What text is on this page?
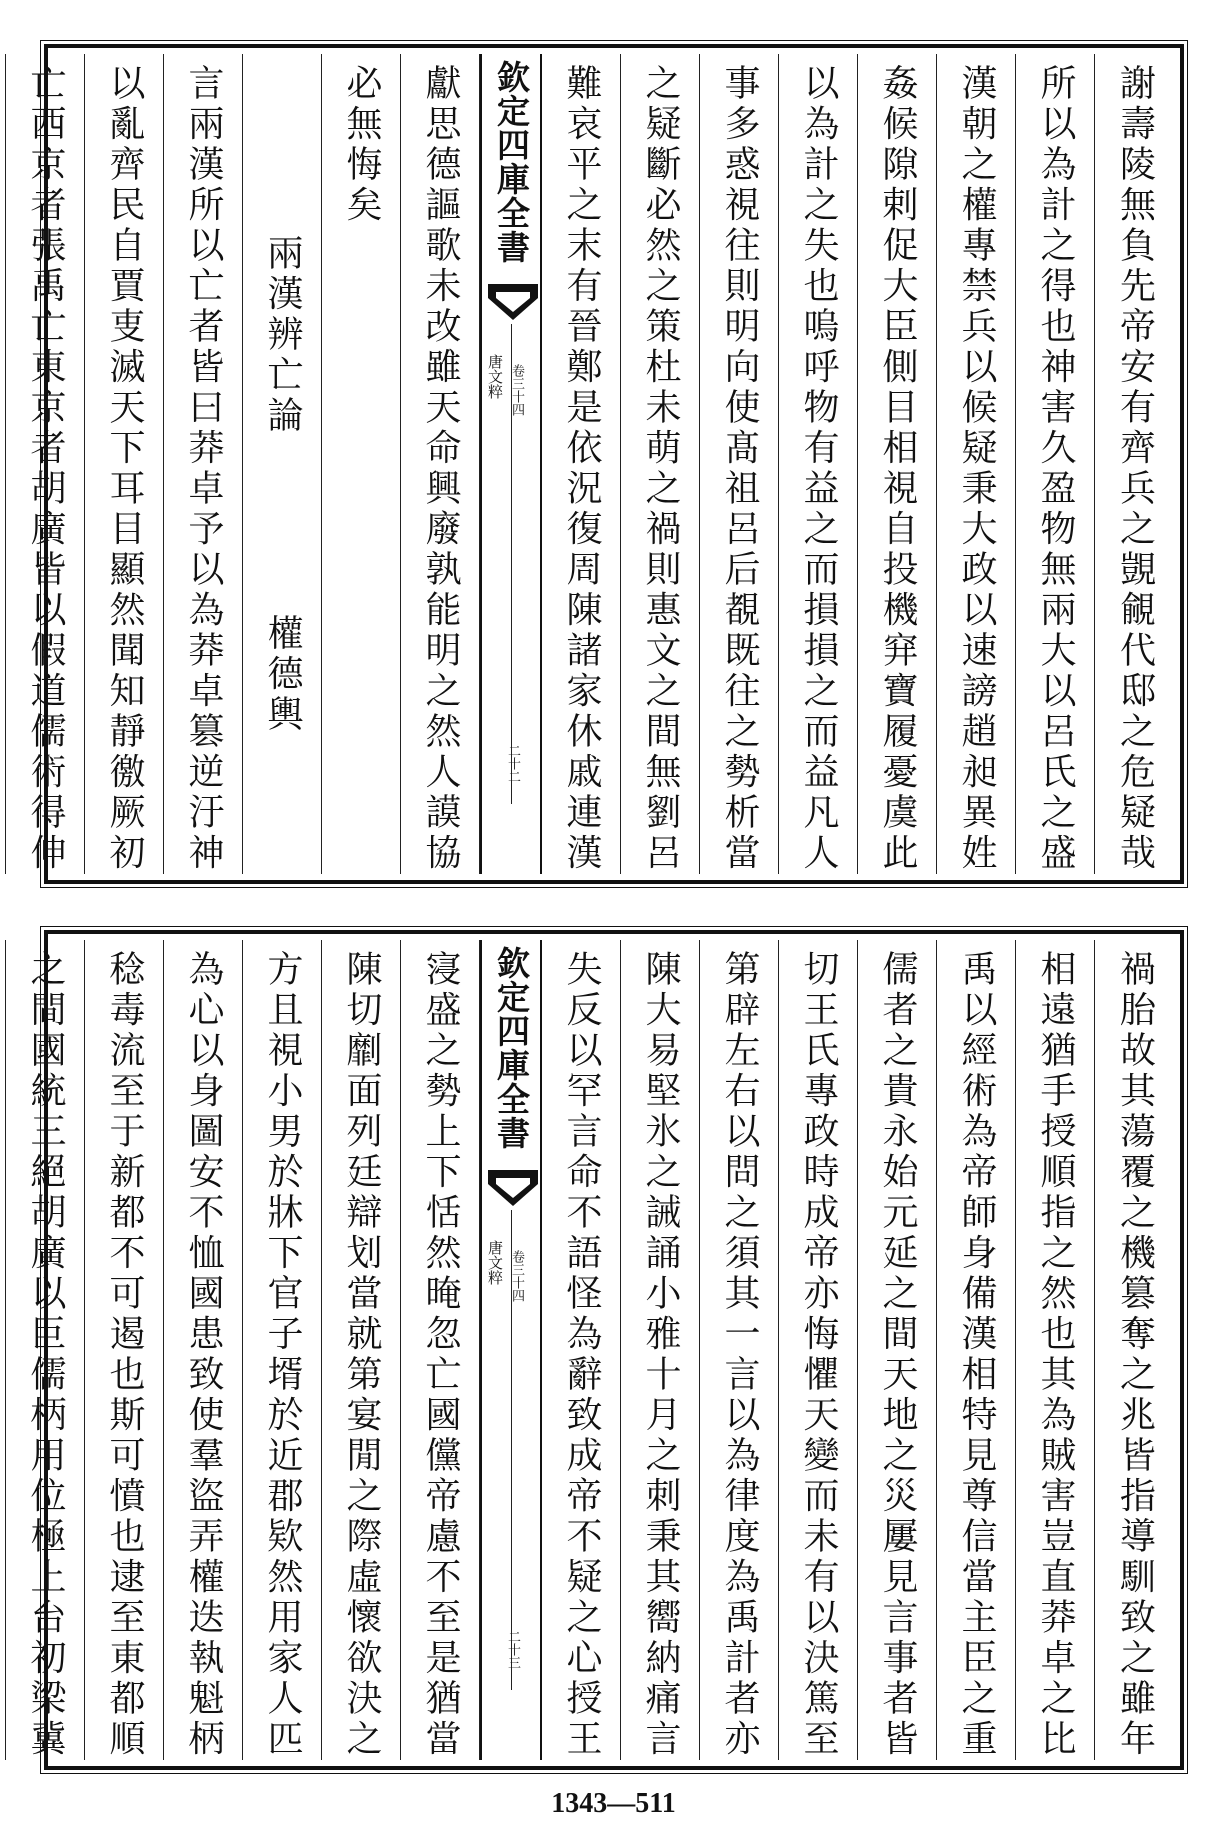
謝壽陵無負先帝安有齊兵之覬覦代邸之危疑哉
所以為計之得也神害久盈物無兩大以呂氏之盛
漢朝之權專禁兵以候疑秉大政以速謗趙昶異姓
姦候隙剌促大臣側目相視自投機穽寶履憂虞此
以為計之失也嗚呼物有益之而損損之而益凡人
事多惑視往則明向使髙祖呂后覩既往之勢析當
之疑斷必然之策杜未萌之禍則惠文之間無劉呂
難哀平之末有晉鄭是依況復周陳諸家休戚連漢
欽定四庫全書
唐文粹 卷三十四
二十二
獻思德謳歌未改雖天命興廢孰能明之然人謨協
必無悔矣
兩漢辨亡論
權德輿
言兩漢所以亡者皆曰莽卓予以為莽卓篡逆汙神
以亂齊民自賈叓滅天下耳目顯然聞知靜徼厥初
亡西京者張禹亡東京者胡廣皆以假道儒術得伸
禍胎故其蕩覆之機篡奪之兆皆指導馴致之雖年
相遠猶手授順指之然也其為賊害豈直莽卓之比
禹以經術為帝師身備漢相特見尊信當主臣之重
儒者之貴永始元延之間天地之災屢見言事者皆
切王氏專政時成帝亦悔懼天變而未有以決篤至
第辟左右以問之須其一言以為律度為禹計者亦
陳大易堅氷之誡誦小雅十月之刺秉其嚮納痛言
失反以罕言命不語怪為辭致成帝不疑之心授王
欽定四庫全書
唐文粹 卷三十四
二十三
寖盛之勢上下恬然晻忽亡國儻帝慮不至是猶當
陳切劘面列廷辯划當就第宴閒之際虛懷欲決之
方且視小男於牀下官子壻於近郡欵然用家人匹
為心以身圖安不恤國患致使羣盜弄權迭執魁柄
稔毒流至于新都不可遏也斯可憤也逮至東都順
之間國統三絕胡廣以巨儒柄用位極上台初梁冀
1343—511
